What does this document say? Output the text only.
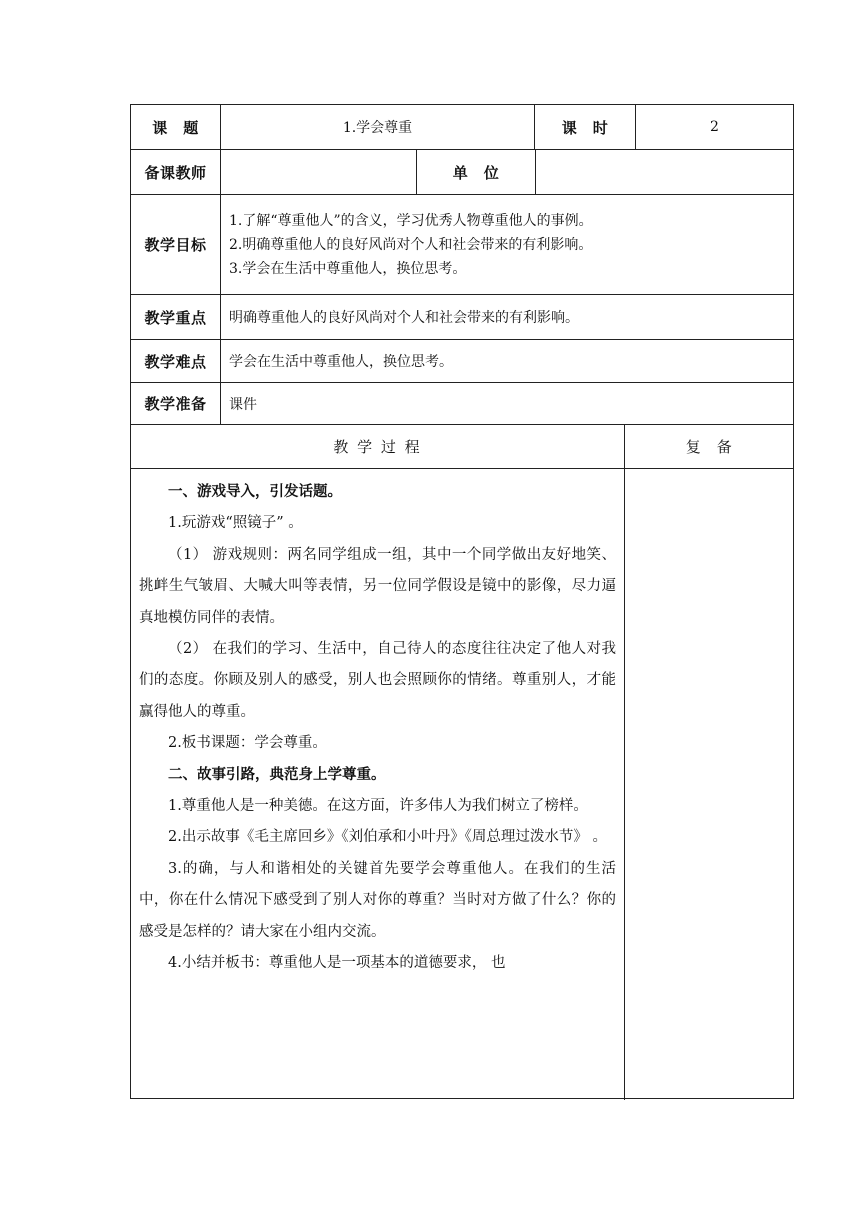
课　题	1.学会尊重	课　时	2
备课教师	单　位
教学目标
1.了解“尊重他人”的含义，学习优秀人物尊重他人的事例。
2.明确尊重他人的良好风尚对个人和社会带来的有利影响。
3.学会在生活中尊重他人，换位思考。
教学重点	明确尊重他人的良好风尚对个人和社会带来的有利影响。
教学难点	学会在生活中尊重他人，换位思考。
教学准备	课件
教 学 过 程	复　备

一、游戏导入，引发话题。

1.玩游戏“照镜子” 。

（1） 游戏规则：两名同学组成一组，其中一个同学做出友好地笑、挑衅生气皱眉、大喊大叫等表情，另一位同学假设是镜中的影像，尽力逼真地模仿同伴的表情。

（2） 在我们的学习、生活中，自己待人的态度往往决定了他人对我们的态度。你顾及别人的感受，别人也会照顾你的情绪。尊重别人，才能赢得他人的尊重。

2.板书课题：学会尊重。

二、故事引路，典范身上学尊重。

1.尊重他人是一种美德。在这方面，许多伟人为我们树立了榜样。

2.出示故事《毛主席回乡》《刘伯承和小叶丹》《周总理过泼水节》 。

3.的确，与人和谐相处的关键首先要学会尊重他人。在我们的生活中，你在什么情况下感受到了别人对你的尊重？当时对方做了什么？你的感受是怎样的？请大家在小组内交流。

4.小结并板书：尊重他人是一项基本的道德要求， 也
